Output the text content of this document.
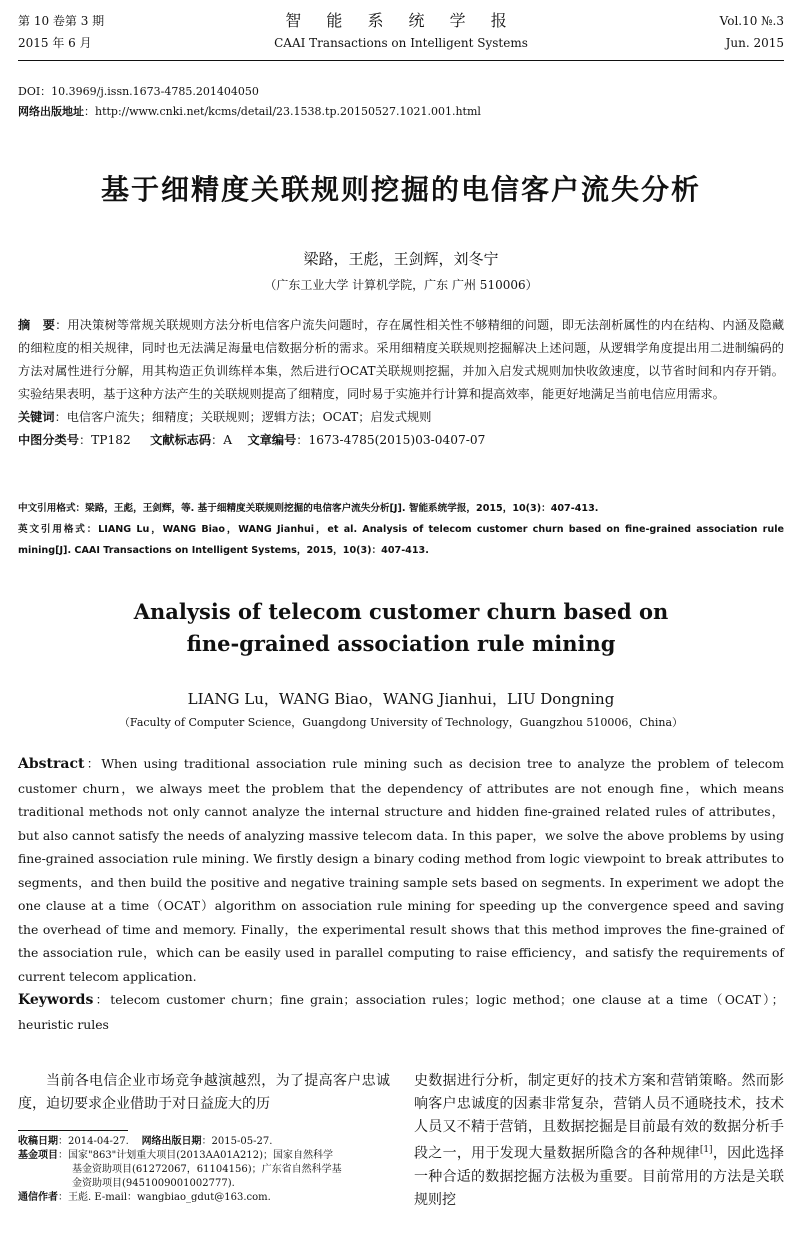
第 10 卷第 3 期	智 能 系 统 学 报	Vol.10 №.3
2015 年 6 月	CAAI Transactions on Intelligent Systems	Jun. 2015
DOI：10.3969/j.issn.1673-4785.201404050
网络出版地址：http://www.cnki.net/kcms/detail/23.1538.tp.20150527.1021.001.html
基于细精度关联规则挖掘的电信客户流失分析
梁路，王彪，王剑辉，刘冬宁
（广东工业大学 计算机学院，广东 广州 510006）
摘　要：用决策树等常规关联规则方法分析电信客户流失问题时，存在属性相关性不够精细的问题，即无法剖析属性的内在结构、内涵及隐藏的细粒度的相关规律，同时也无法满足海量电信数据分析的需求。采用细精度关联规则挖掘解决上述问题，从逻辑学角度提出用二进制编码的方法对属性进行分解，用其构造正负训练样本集，然后进行OCAT关联规则挖掘，并加入启发式规则加快收敛速度，以节省时间和内存开销。实验结果表明，基于这种方法产生的关联规则提高了细精度，同时易于实施并行计算和提高效率，能更好地满足当前电信应用需求。
关键词：电信客户流失；细精度；关联规则；逻辑方法；OCAT；启发式规则
中图分类号：TP182 文献标志码：A 文章编号：1673-4785(2015)03-0407-07
中文引用格式：梁路，王彪，王剑辉，等. 基于细精度关联规则挖掘的电信客户流失分析[J]. 智能系统学报，2015，10(3)：407-413.
英文引用格式：LIANG Lu，WANG Biao，WANG Jianhui，et al. Analysis of telecom customer churn based on fine-grained association rule mining[J]. CAAI Transactions on Intelligent Systems，2015，10(3)：407-413.
Analysis of telecom customer churn based on
fine-grained association rule mining
LIANG Lu，WANG Biao，WANG Jianhui，LIU Dongning
（Faculty of Computer Science，Guangdong University of Technology，Guangzhou 510006，China）
Abstract：When using traditional association rule mining such as decision tree to analyze the problem of telecom customer churn，we always meet the problem that the dependency of attributes are not enough fine，which means traditional methods not only cannot analyze the internal structure and hidden fine-grained related rules of attributes，but also cannot satisfy the needs of analyzing massive telecom data. In this paper，we solve the above problems by using fine-grained association rule mining. We firstly design a binary coding method from logic viewpoint to break attributes to segments，and then build the positive and negative training sample sets based on segments. In experiment we adopt the one clause at a time（OCAT）algorithm on association rule mining for speeding up the convergence speed and saving the overhead of time and memory. Finally，the experimental result shows that this method improves the fine-grained of the association rule，which can be easily used in parallel computing to raise efficiency，and satisfy the requirements of current telecom application.
Keywords：telecom customer churn；fine grain；association rules；logic method；one clause at a time（OCAT）；heuristic rules

当前各电信企业市场竞争越演越烈，为了提高客户忠诚度，迫切要求企业借助于对日益庞大的历

收稿日期：2014-04-27. 网络出版日期：2015-05-27.
基金项目：国家"863"计划重大项目(2013AA01A212)；国家自然科学
基金资助项目(61272067，61104156)；广东省自然科学基
金资助项目(9451009001002777).
通信作者：王彪. E-mail：wangbiao_gdut@163.com.

史数据进行分析，制定更好的技术方案和营销策略。然而影响客户忠诚度的因素非常复杂，营销人员不通晓技术，技术人员又不精于营销，且数据挖掘是目前最有效的数据分析手段之一，用于发现大量数据所隐含的各种规律[1]，因此选择一种合适的数据挖掘方法极为重要。目前常用的方法是关联规则挖
